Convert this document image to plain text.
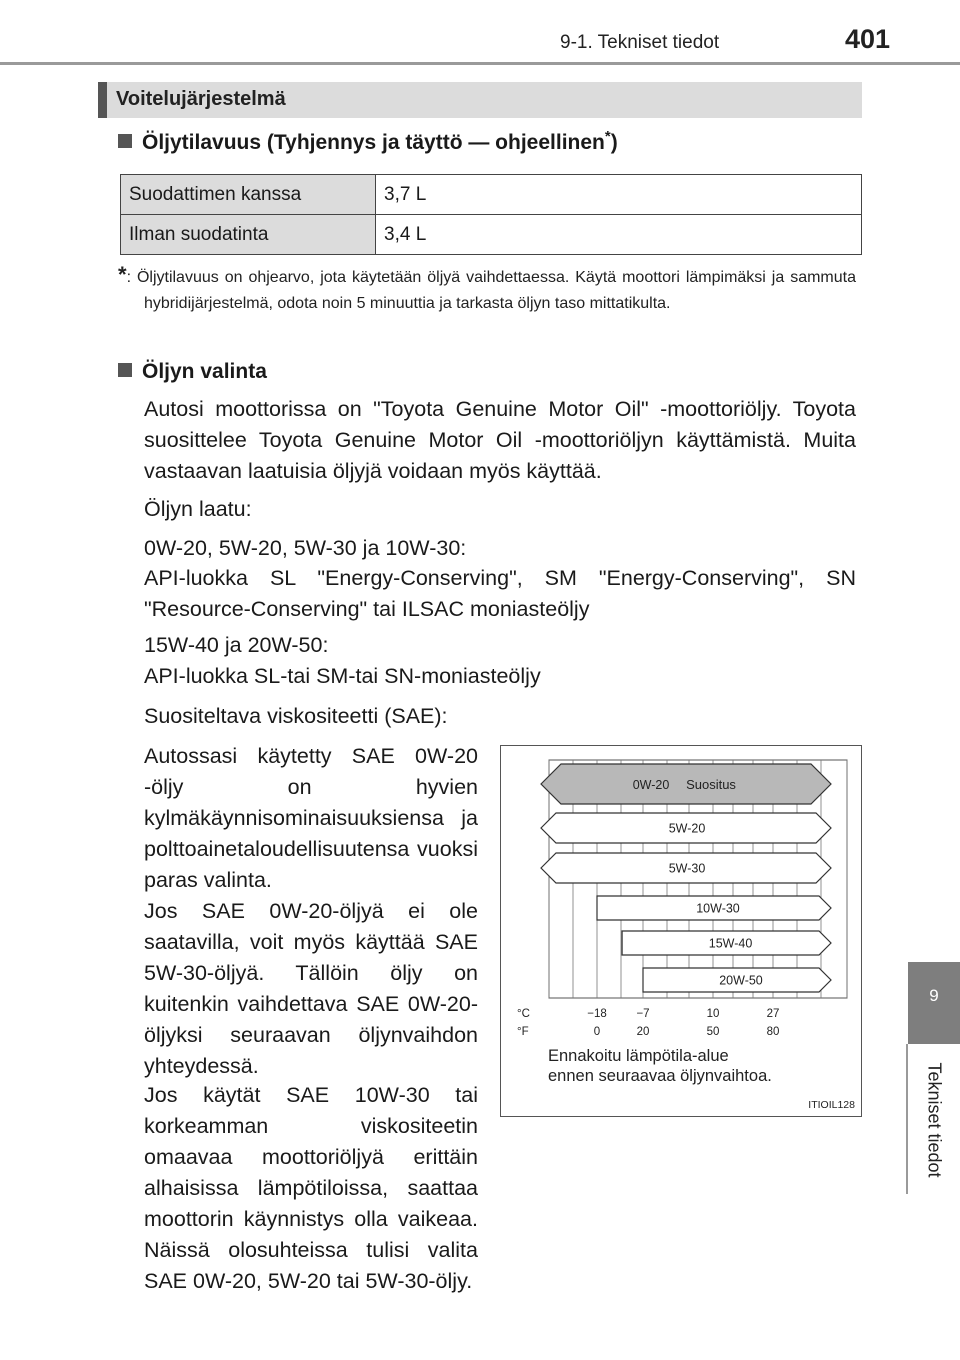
9-1. Tekniset tiedot	401
9
Tekniset tiedot
Voitelujärjestelmä
Öljytilavuus (Tyhjennys ja täyttö — ohjeellinen*)
Suodattimen kanssa	3,7 L
Ilman suodatinta	3,4 L
*: Öljytilavuus on ohjearvo, jota käytetään öljyä vaihdettaessa. Käytä moottori lämpimäksi ja sammuta hybridijärjestelmä, odota noin 5 minuuttia ja tarkasta öljyn taso mittatikulta.
Öljyn valinta
Autosi moottorissa on "Toyota Genuine Motor Oil" -moottoriöljy. Toyota suosittelee Toyota Genuine Motor Oil -moottoriöljyn käyttämistä. Muita vastaavan laatuisia öljyjä voidaan myös käyttää.
Öljyn laatu:
0W-20, 5W-20, 5W-30 ja 10W-30:
API-luokka SL "Energy-Conserving", SM "Energy-Conserving", SN "Resource-Conserving" tai ILSAC moniasteöljy
15W-40 ja 20W-50:
API-luokka SL-tai SM-tai SN-moniasteöljy
Suositeltava viskositeetti (SAE):
Autossasi käytetty SAE 0W-20 -öljy on hyvien kylmäkäynnisominaisuuksiensa ja polttoainetaloudellisuutensa vuoksi paras valinta.
Jos SAE 0W-20-öljyä ei ole saatavilla, voit myös käyttää SAE 5W-30-öljyä. Tällöin öljy on kuitenkin vaihdettava SAE 0W-20-öljyksi seuraavan öljynvaihdon yhteydessä.
Jos käytät SAE 10W-30 tai korkeamman viskositeetin omaavaa moottoriöljyä erittäin alhaisissa lämpötiloissa, saattaa moottorin käynnistys olla vaikeaa. Näissä olosuhteissa tulisi valita SAE 0W-20, 5W-20 tai 5W-30-öljy.
0W-20 Suositus
5W-20
5W-30
10W-30
15W-40
20W-50
°C
°F
−18	−7	10	27
0	20	50	80
Ennakoitu lämpötila-alue
ennen seuraavaa öljynvaihtoa.
ITIOIL128
